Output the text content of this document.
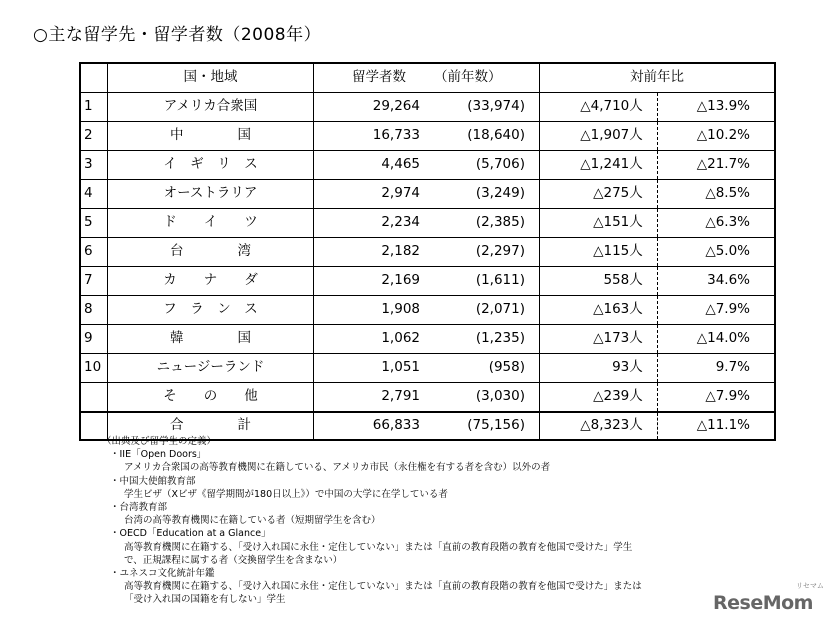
○主な留学先・留学者数（2008年）
	国・地域	留学者数	（前年数）	対前年比	
1	アメリカ合衆国	29,264	(33,974)	△4,710人	△13.9%
2	中　　　　国	16,733	(18,640)	△1,907人	△10.2%
3	イ　ギ　リ　ス	4,465	(5,706)	△1,241人	△21.7%
4	オーストラリア	2,974	(3,249)	△275人	△8.5%
5	ド　　イ　　ツ	2,234	(2,385)	△151人	△6.3%
6	台　　　　湾	2,182	(2,297)	△115人	△5.0%
7	カ　　ナ　　ダ	2,169	(1,611)	558人	34.6%
8	フ　ラ　ン　ス	1,908	(2,071)	△163人	△7.9%
9	韓　　　　国	1,062	(1,235)	△173人	△14.0%
10	ニュージーランド	1,051	(958)	93人	9.7%
	そ　　の　　他	2,791	(3,030)	△239人	△7.9%
	合　　　　計	66,833	(75,156)	△8,323人	△11.1%
（出典及び留学生の定義）
・IIE「Open Doors」
アメリカ合衆国の高等教育機関に在籍している、アメリカ市民（永住権を有する者を含む）以外の者
・中国大使館教育部
学生ビザ（Xビザ《留学期間が180日以上》）で中国の大学に在学している者
・台湾教育部
台湾の高等教育機関に在籍している者（短期留学生を含む）
・OECD「Education at a Glance」
高等教育機関に在籍する、「受け入れ国に永住・定住していない」または「直前の教育段階の教育を他国で受けた」学生
で、正規課程に属する者（交換留学生を含まない）
・ユネスコ文化統計年鑑
高等教育機関に在籍する、「受け入れ国に永住・定住していない」または「直前の教育段階の教育を他国で受けた」または
「受け入れ国の国籍を有しない」学生	ReseMom
リセマム
